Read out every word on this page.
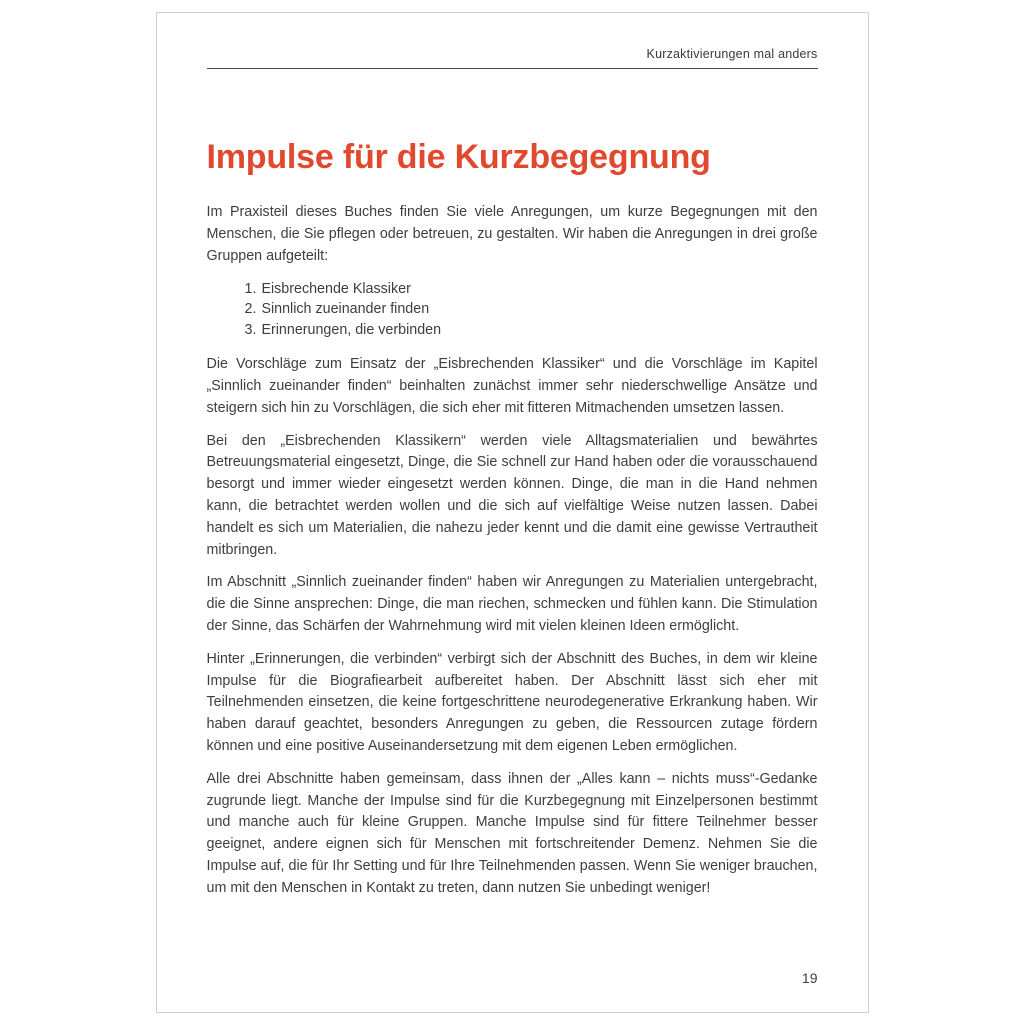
Kurzaktivierungen mal anders
Impulse für die Kurzbegegnung

Im Praxisteil dieses Buches finden Sie viele Anregungen, um kurze Begegnungen mit den Menschen, die Sie pflegen oder betreuen, zu gestalten. Wir haben die Anregungen in drei große Gruppen aufgeteilt:

1. Eisbrechende Klassiker
2. Sinnlich zueinander finden
3. Erinnerungen, die verbinden

Die Vorschläge zum Einsatz der „Eisbrechenden Klassiker“ und die Vorschläge im Kapitel „Sinnlich zueinander finden“ beinhalten zunächst immer sehr niederschwellige Ansätze und steigern sich hin zu Vorschlägen, die sich eher mit fitteren Mitmachenden umsetzen lassen.

Bei den „Eisbrechenden Klassikern“ werden viele Alltagsmaterialien und bewährtes Betreuungsmaterial eingesetzt, Dinge, die Sie schnell zur Hand haben oder die vorausschauend besorgt und immer wieder eingesetzt werden können. Dinge, die man in die Hand nehmen kann, die betrachtet werden wollen und die sich auf vielfältige Weise nutzen lassen. Dabei handelt es sich um Materialien, die nahezu jeder kennt und die damit eine gewisse Vertrautheit mitbringen.

Im Abschnitt „Sinnlich zueinander finden“ haben wir Anregungen zu Materialien untergebracht, die die Sinne ansprechen: Dinge, die man riechen, schmecken und fühlen kann. Die Stimulation der Sinne, das Schärfen der Wahrnehmung wird mit vielen kleinen Ideen ermöglicht.

Hinter „Erinnerungen, die verbinden“ verbirgt sich der Abschnitt des Buches, in dem wir kleine Impulse für die Biografiearbeit aufbereitet haben. Der Abschnitt lässt sich eher mit Teilnehmenden einsetzen, die keine fortgeschrittene neurodegenerative Erkrankung haben. Wir haben darauf geachtet, besonders Anregungen zu geben, die Ressourcen zutage fördern können und eine positive Auseinandersetzung mit dem eigenen Leben ermöglichen.

Alle drei Abschnitte haben gemeinsam, dass ihnen der „Alles kann – nichts muss“-Gedanke zugrunde liegt. Manche der Impulse sind für die Kurzbegegnung mit Einzelpersonen bestimmt und manche auch für kleine Gruppen. Manche Impulse sind für fittere Teilnehmer besser geeignet, andere eignen sich für Menschen mit fortschreitender Demenz. Nehmen Sie die Impulse auf, die für Ihr Setting und für Ihre Teilnehmenden passen. Wenn Sie weniger brauchen, um mit den Menschen in Kontakt zu treten, dann nutzen Sie unbedingt weniger!

19
